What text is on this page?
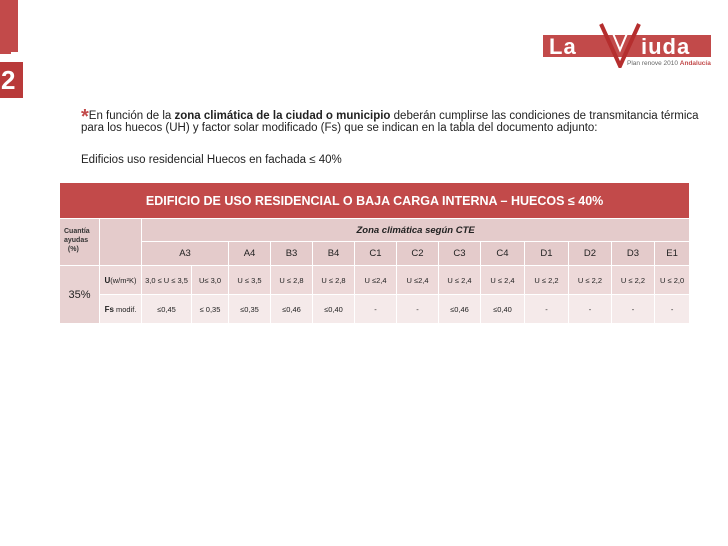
2
La	iuda
Plan renove 2010 Andalucía
*En función de la zona climática de la ciudad o municipio deberán cumplirse las condiciones de transmitancia térmica
para los huecos (UH) y factor solar modificado (Fs) que se indican en la tabla del documento adjunto:
Edificios uso residencial Huecos en fachada ≤ 40%
EDIFICIO DE USO RESIDENCIAL O BAJA CARGA INTERNA – HUECOS ≤ 40%														
Cuantía
ayudas
(%)		Zona climática según CTE												
		A3		A4	B3	B4	C1	C2	C3	C4	D1	D2	D3	E1
35%	U(w/m²K)	3,0 ≤ U ≤ 3,5	U≤ 3,0	U ≤ 3,5	U ≤ 2,8	U ≤ 2,8	U ≤2,4	U ≤2,4	U ≤ 2,4	U ≤ 2,4	U ≤ 2,2	U ≤ 2,2	U ≤ 2,2	U ≤ 2,0
	Fs modif.	≤0,45	≤ 0,35	≤0,35	≤0,46	≤0,40	-	-	≤0,46	≤0,40	-	-	-	-
